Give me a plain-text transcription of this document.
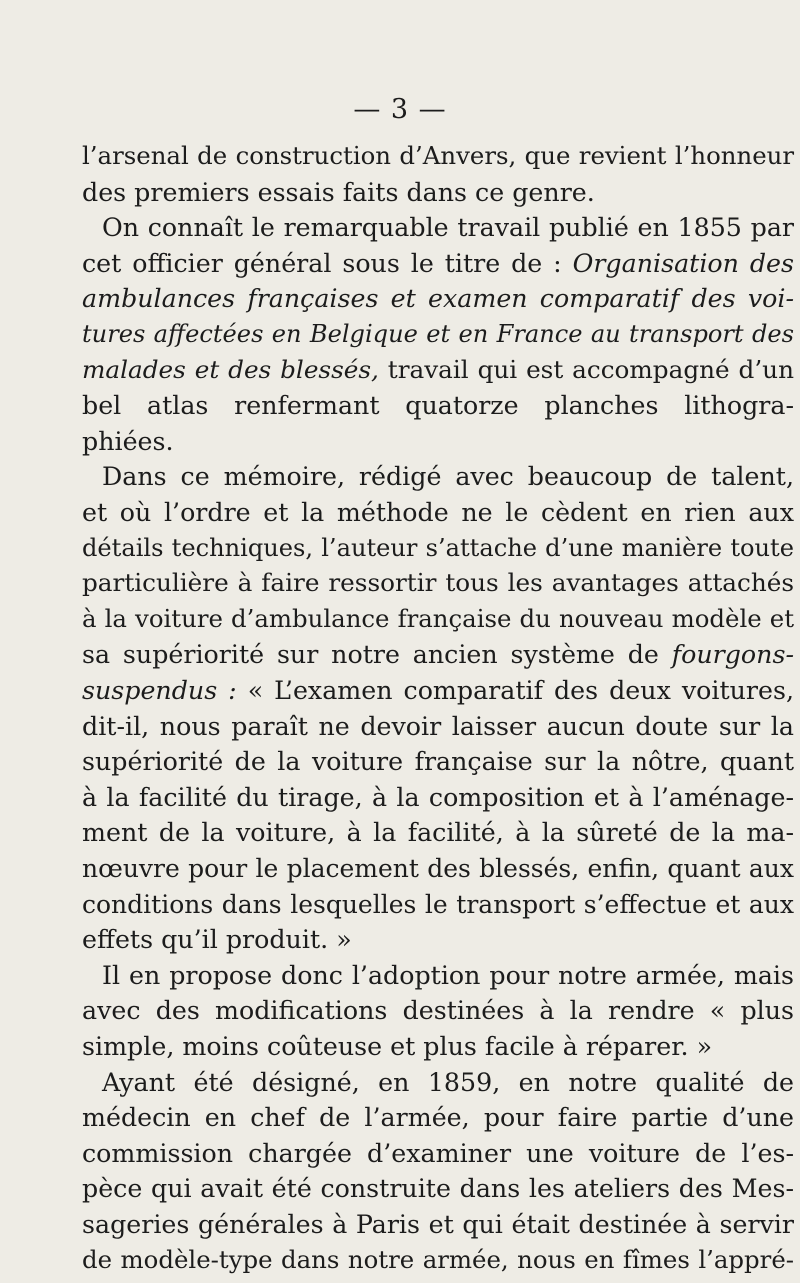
— 3 —
l’arsenal de construction d’Anvers, que revient l’honneur
des premiers essais faits dans ce genre.
On connaît le remarquable travail publié en 1855 par
cet officier général sous le titre de : Organisation des
ambulances françaises et examen comparatif des voi-
tures affectées en Belgique et en France au transport des
malades et des blessés, travail qui est accompagné d’un
bel atlas renfermant quatorze planches lithogra-
phiées.
Dans ce mémoire, rédigé avec beaucoup de talent,
et où l’ordre et la méthode ne le cèdent en rien aux
détails techniques, l’auteur s’attache d’une manière toute
particulière à faire ressortir tous les avantages attachés
à la voiture d’ambulance française du nouveau modèle et
sa supériorité sur notre ancien système de fourgons-
suspendus : « L’examen comparatif des deux voitures,
dit-il, nous paraît ne devoir laisser aucun doute sur la
supériorité de la voiture française sur la nôtre, quant
à la facilité du tirage, à la composition et à l’aménage-
ment de la voiture, à la facilité, à la sûreté de la ma-
nœuvre pour le placement des blessés, enfin, quant aux
conditions dans lesquelles le transport s’effectue et aux
effets qu’il produit. »
Il en propose donc l’adoption pour notre armée, mais
avec des modifications destinées à la rendre « plus
simple, moins coûteuse et plus facile à réparer. »
Ayant été désigné, en 1859, en notre qualité de
médecin en chef de l’armée, pour faire partie d’une
commission chargée d’examiner une voiture de l’es-
pèce qui avait été construite dans les ateliers des Mes-
sageries générales à Paris et qui était destinée à servir
de modèle-type dans notre armée, nous en fîmes l’appré-
